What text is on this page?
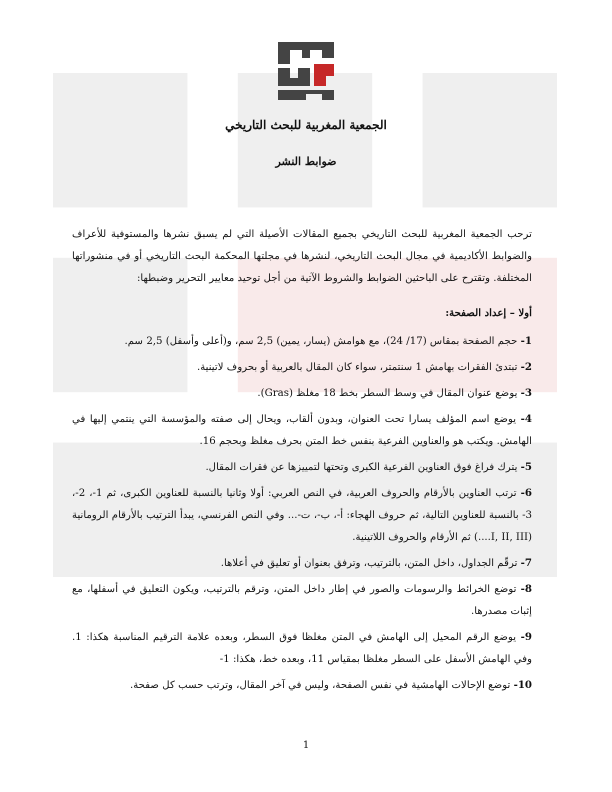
الجمعية المغربية للبحث التاريخي
ضوابط النشر

ترحب الجمعية المغربية للبحث التاريخي بجميع المقالات الأصيلة التي لم يسبق نشرها والمستوفية للأعراف والضوابط الأكاديمية في مجال البحث التاريخي، لنشرها في مجلتها المحكمة البحث التاريخي أو في منشوراتها المختلفة. وتقترح على الباحثين الضوابط والشروط الآتية من أجل توحيد معايير التحرير وضبطها:

أولا – إعداد الصفحة:

1- حجم الصفحة بمقاس (17/ 24)، مع هوامش (يسار، يمين) 2,5 سم، و(أعلى وأسفل) 2,5 سم.
2- تبتدئ الفقرات بهامش 1 سنتمتر، سواء كان المقال بالعربية أو بحروف لاتينية.
3- يوضع عنوان المقال في وسط السطر بخط 18 مغلظ (Gras).
4- يوضع اسم المؤلف يسارا تحت العنوان، وبدون ألقاب، ويحال إلى صفته والمؤسسة التي ينتمي إليها في الهامش. ويكتب هو والعناوين الفرعية بنفس خط المتن بحرف مغلظ وبحجم 16.
5- يترك فراغ فوق العناوين الفرعية الكبرى وتحتها لتمييزها عن فقرات المقال.
6- ترتب العناوين بالأرقام والحروف العربية، في النص العربي: أولا وثانيا بالنسبة للعناوين الكبرى، ثم 1-، 2-، 3- بالنسبة للعناوين التالية، ثم حروف الهجاء: أ-، ب-، ت-... وفي النص الفرنسي، يبدأ الترتيب بالأرقام الرومانية (I, II, III....) ثم الأرقام والحروف اللاتينية.
7- ترقّم الجداول، داخل المتن، بالترتيب، وترفق بعنوان أو تعليق في أعلاها.
8- توضع الخرائط والرسومات والصور في إطار داخل المتن، وترقم بالترتيب، ويكون التعليق في أسفلها، مع إثبات مصدرها.
9- يوضع الرقم المحيل إلى الهامش في المتن مغلظا فوق السطر، وبعده علامة الترقيم المناسبة هكذا: 1. وفي الهامش الأسفل على السطر مغلظا بمقياس 11، وبعده خط، هكذا: 1-
10- توضع الإحالات الهامشية في نفس الصفحة، وليس في آخر المقال، وترتب حسب كل صفحة.
1
